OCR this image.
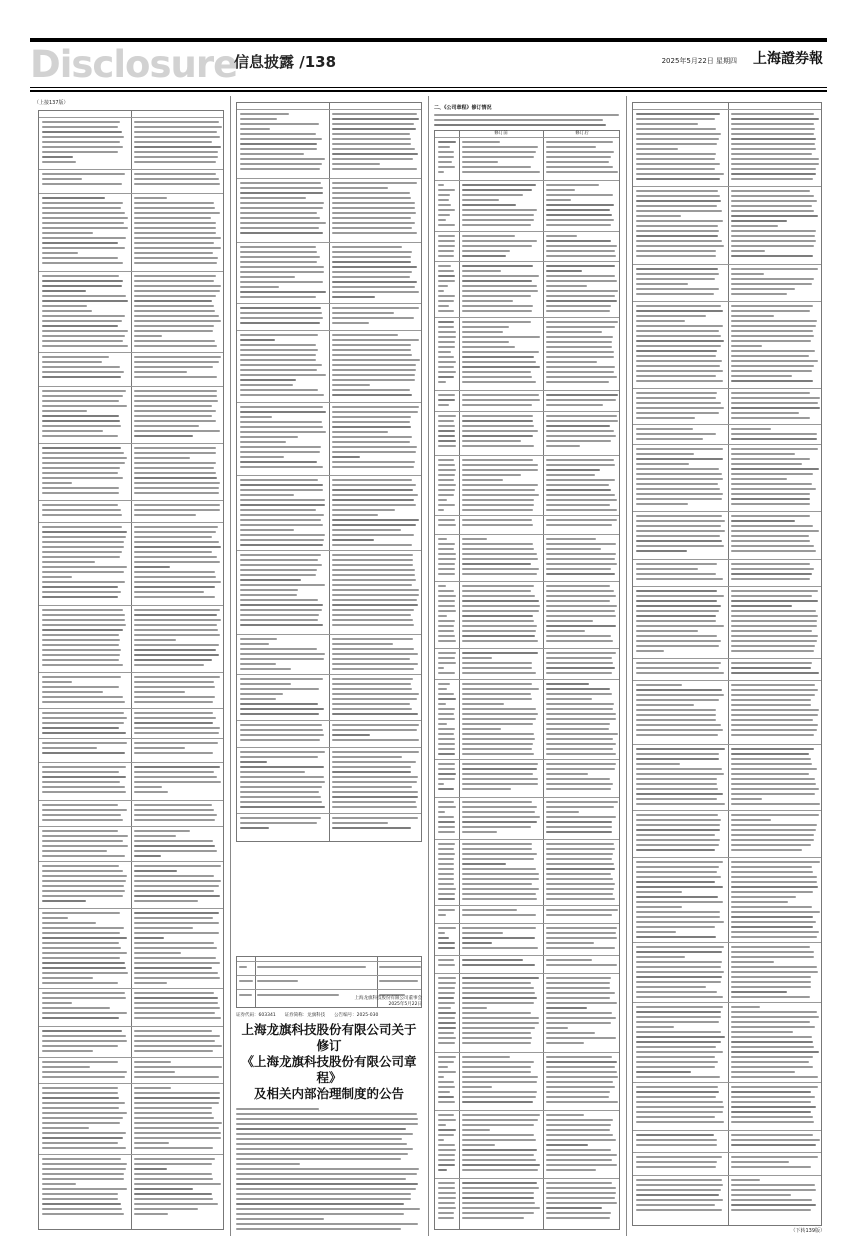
Disclosure
信息披露 /138	2025年5月22日 星期四 上海證券報
（上接137版）
二、《公司章程》修订情况
修订前	修订后
证券代码：603341　　证券简称：龙旗科技　　公告编号：2025-030
上海龙旗科技股份有限公司关于修订
《上海龙旗科技股份有限公司章程》
及相关内部治理制度的公告
上海龙旗科技股份有限公司董事会
2025年5月22日
（下转139版）
